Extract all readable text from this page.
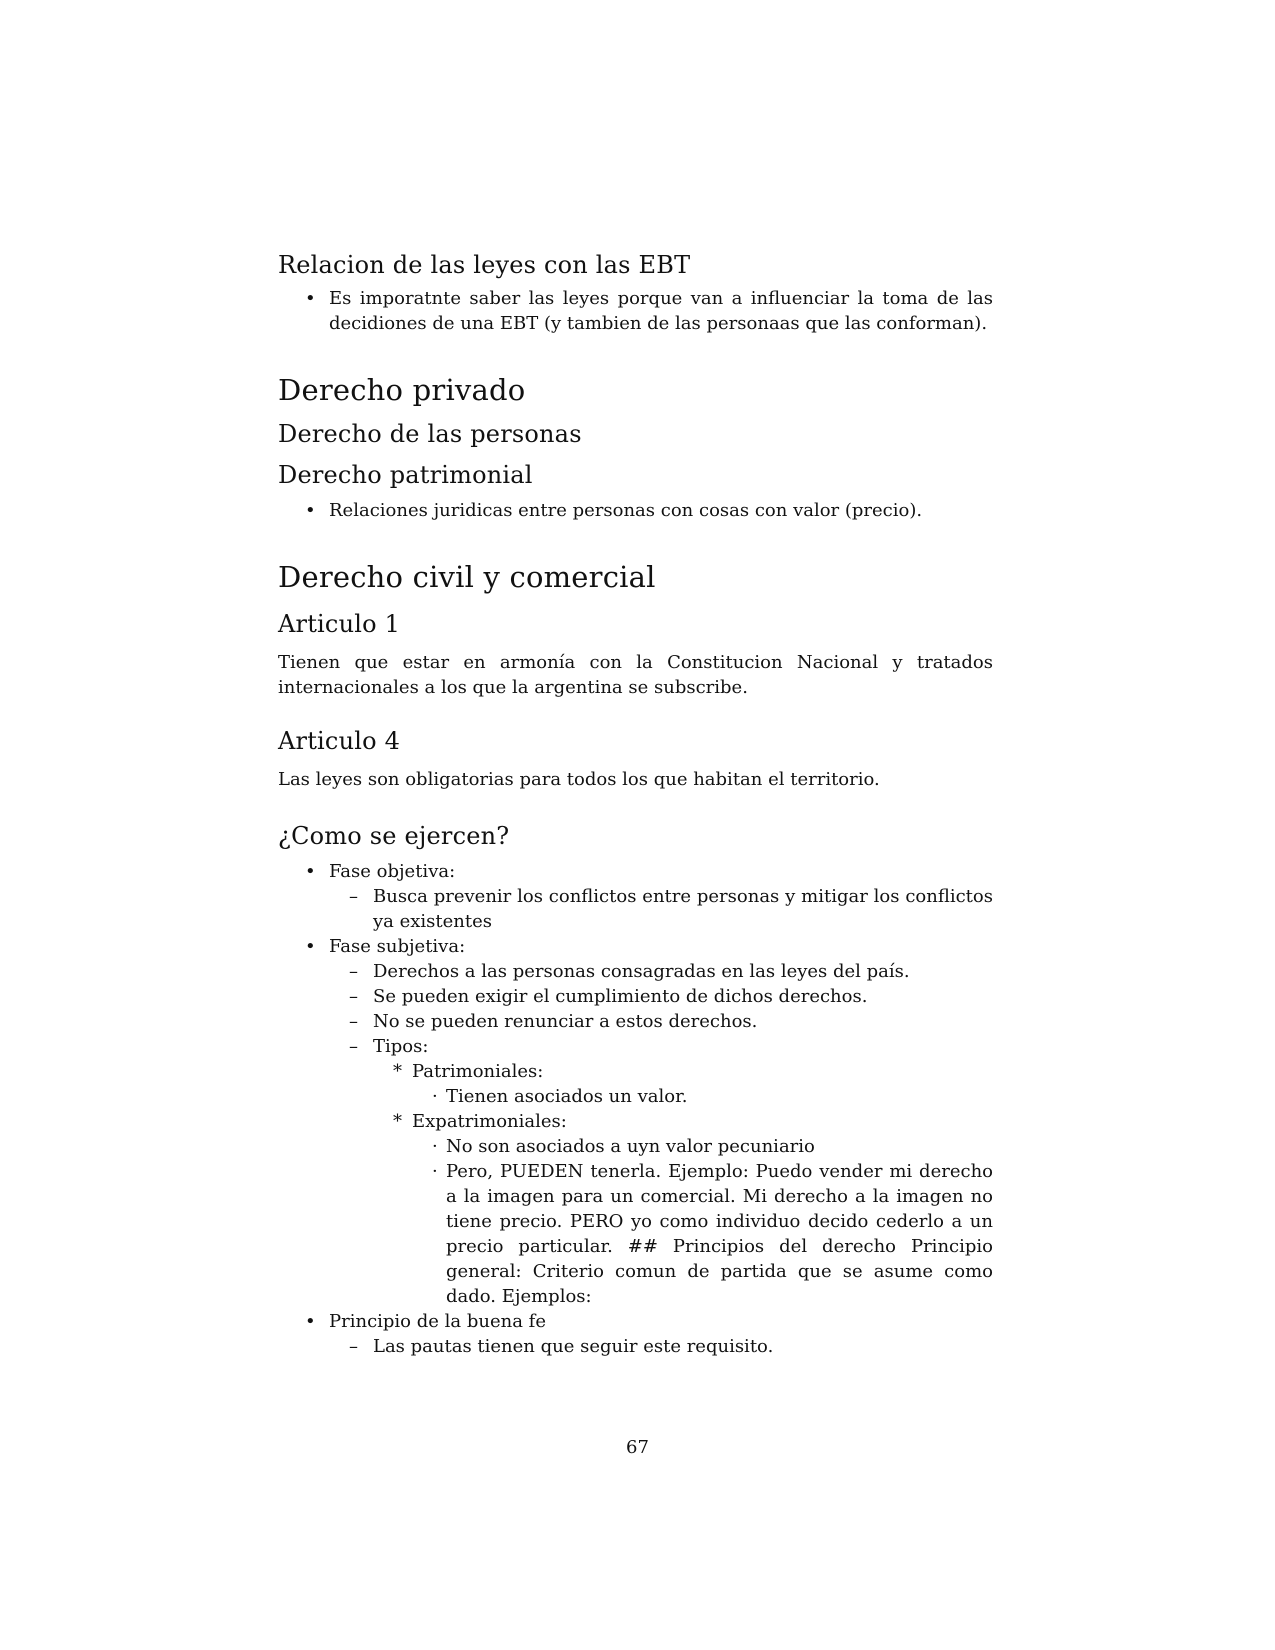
Relacion de las leyes con las EBT
• Es imporatnte saber las leyes porque van a influenciar la toma de las decidiones de una EBT (y tambien de las personaas que las conforman).
Derecho privado
Derecho de las personas
Derecho patrimonial
• Relaciones juridicas entre personas con cosas con valor (precio).
Derecho civil y comercial
Articulo 1

Tienen que estar en armonía con la Constitucion Nacional y tratados internacionales a los que la argentina se subscribe.

Articulo 4

Las leyes son obligatorias para todos los que habitan el territorio.

¿Como se ejercen?
• Fase objetiva:
– Busca prevenir los conflictos entre personas y mitigar los conflictos ya existentes
• Fase subjetiva:
– Derechos a las personas consagradas en las leyes del país.
– Se pueden exigir el cumplimiento de dichos derechos.
– No se pueden renunciar a estos derechos.
– Tipos:
* Patrimoniales:
· Tienen asociados un valor.
* Expatrimoniales:
· No son asociados a uyn valor pecuniario
· Pero, PUEDEN tenerla. Ejemplo: Puedo vender mi derecho a la imagen para un comercial. Mi derecho a la imagen no tiene precio. PERO yo como individuo decido cederlo a un precio particular. ## Principios del derecho Principio general: Criterio comun de partida que se asume como dado. Ejemplos:
• Principio de la buena fe
– Las pautas tienen que seguir este requisito.
67
